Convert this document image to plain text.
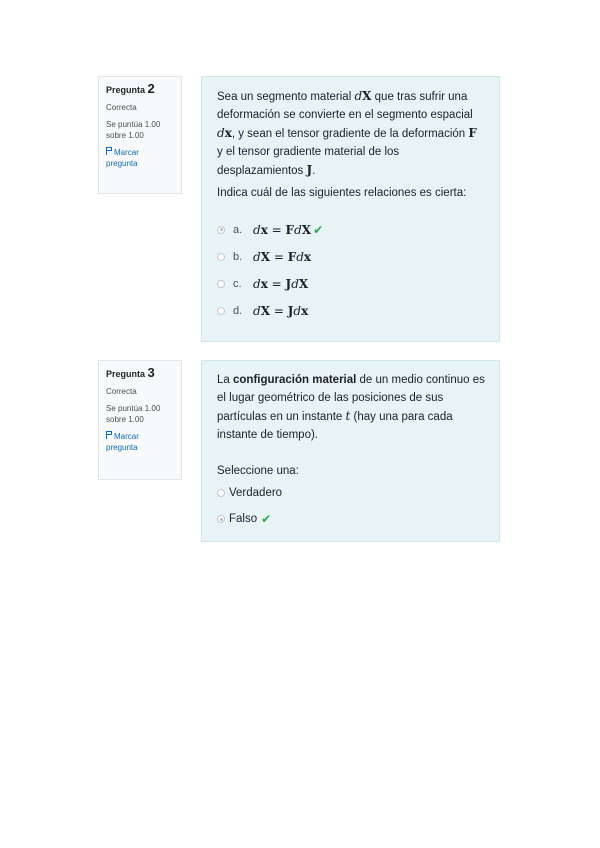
Pregunta 2
Correcta
Se puntúa 1.00
sobre 1.00
Marcar
pregunta

Sea un segmento material dX que tras sufrir una deformación se convierte en el segmento espacial dx, y sean el tensor gradiente de la deformación F y el tensor gradiente material de los desplazamientos J.

Indica cuál de las siguientes relaciones es cierta:

a. dx = FdX ✔
b. dX = Fdx
c. dx = JdX
d. dX = Jdx
Pregunta 3
Correcta
Se puntúa 1.00
sobre 1.00
Marcar
pregunta

La configuración material de un medio continuo es el lugar geométrico de las posiciones de sus partículas en un instante t (hay una para cada instante de tiempo).

Seleccione una:

Verdadero
Falso ✔
